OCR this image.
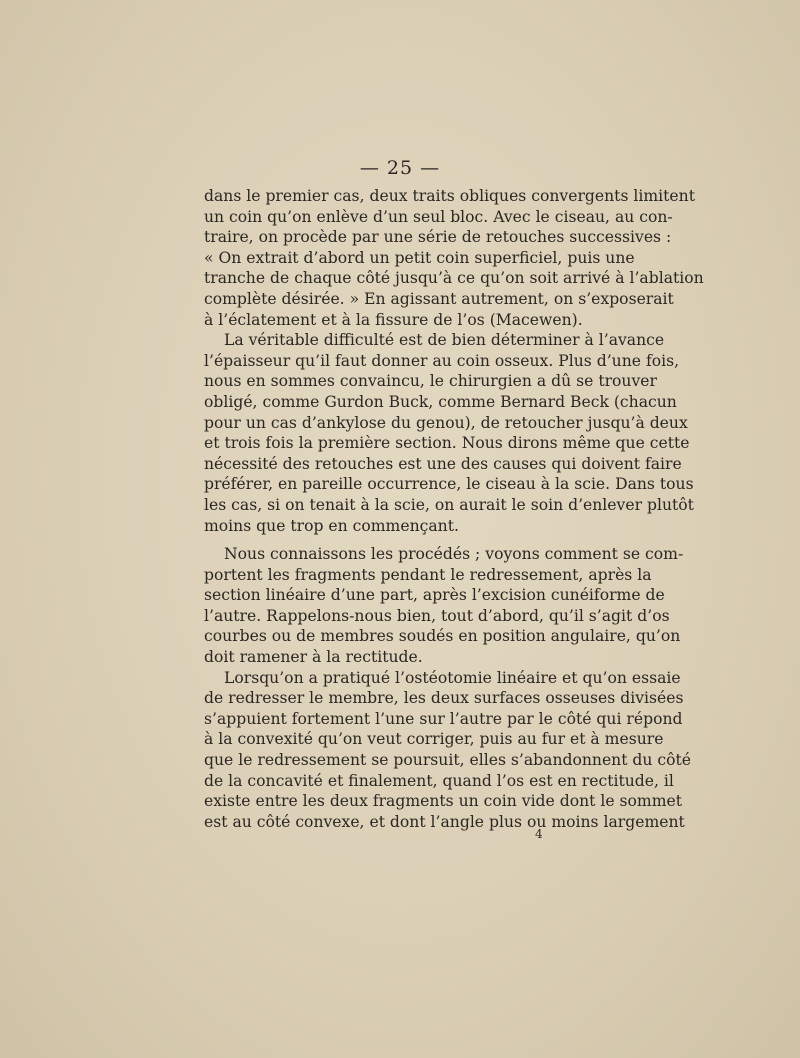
— 25 —
dans le premier cas, deux traits obliques convergents limitent
un coin qu’on enlève d’un seul bloc. Avec le ciseau, au con-
traire, on procède par une série de retouches successives :
« On extrait d’abord un petit coin superficiel, puis une
tranche de chaque côté jusqu’à ce qu’on soit arrivé à l’ablation
complète désirée. » En agissant autrement, on s’exposerait
à l’éclatement et à la fissure de l’os (Macewen).
La véritable difficulté est de bien déterminer à l’avance
l’épaisseur qu’il faut donner au coin osseux. Plus d’une fois,
nous en sommes convaincu, le chirurgien a dû se trouver
obligé, comme Gurdon Buck, comme Bernard Beck (chacun
pour un cas d’ankylose du genou), de retoucher jusqu’à deux
et trois fois la première section. Nous dirons même que cette
nécessité des retouches est une des causes qui doivent faire
préférer, en pareille occurrence, le ciseau à la scie. Dans tous
les cas, si on tenait à la scie, on aurait le soin d’enlever plutôt
moins que trop en commençant.
Nous connaissons les procédés ; voyons comment se com-
portent les fragments pendant le redressement, après la
section linéaire d’une part, après l’excision cunéiforme de
l’autre. Rappelons-nous bien, tout d’abord, qu’il s’agit d’os
courbes ou de membres soudés en position angulaire, qu’on
doit ramener à la rectitude.
Lorsqu’on a pratiqué l’ostéotomie linéaire et qu’on essaie
de redresser le membre, les deux surfaces osseuses divisées
s’appuient fortement l’une sur l’autre par le côté qui répond
à la convexité qu’on veut corriger, puis au fur et à mesure
que le redressement se poursuit, elles s’abandonnent du côté
de la concavité et finalement, quand l’os est en rectitude, il
existe entre les deux fragments un coin vide dont le sommet
est au côté convexe, et dont l’angle plus ou moins largement
4
